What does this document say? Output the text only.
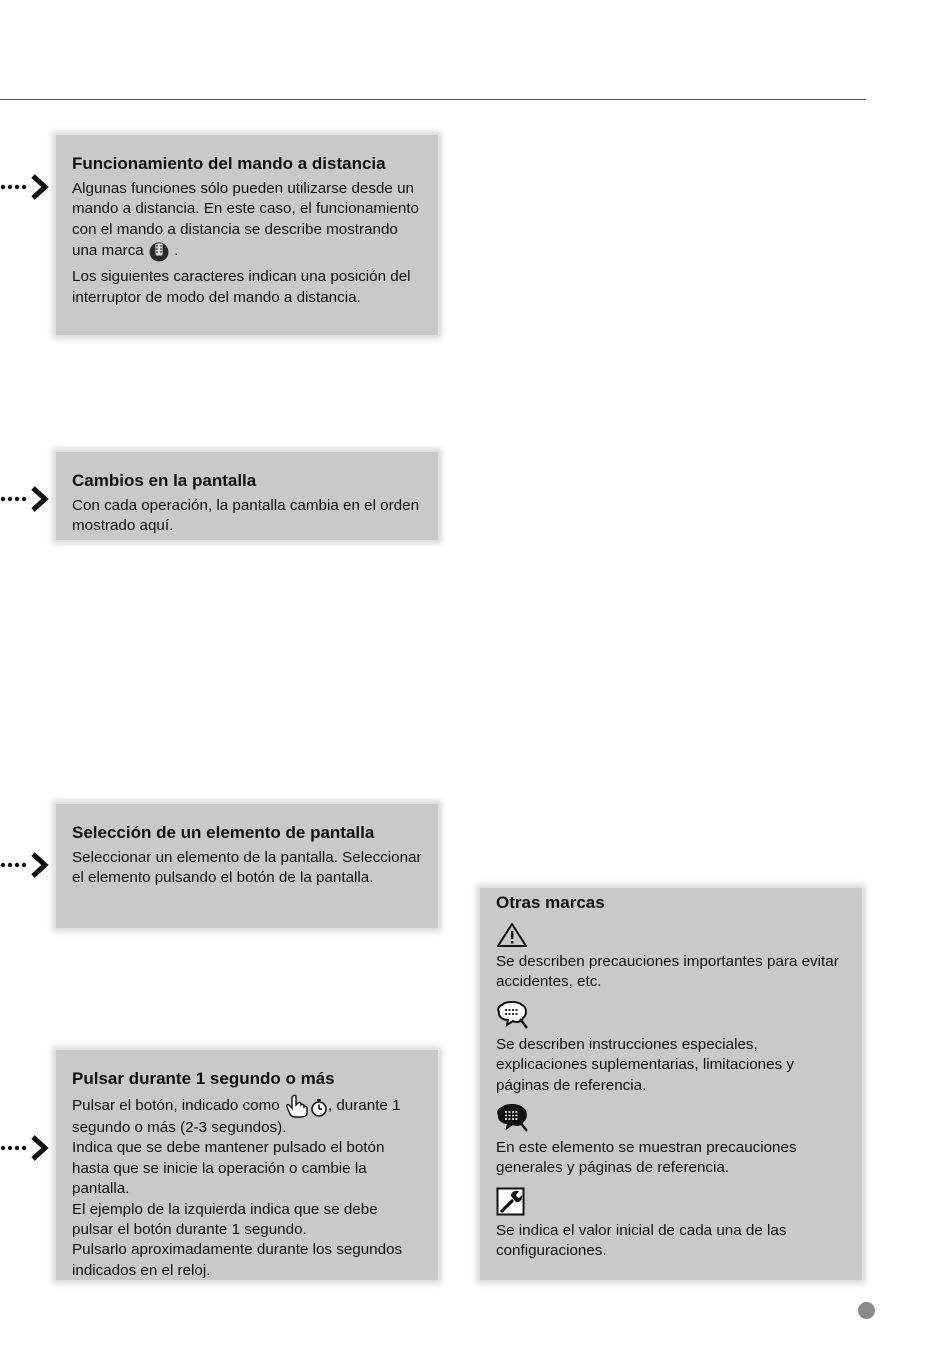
Funcionamiento del mando a distancia

Algunas funciones sólo pueden utilizarse desde un mando a distancia. En este caso, el funcionamiento con el mando a distancia se describe mostrando una marca  .

Los siguientes caracteres indican una posición del interruptor de modo del mando a distancia.

Cambios en la pantalla

Con cada operación, la pantalla cambia en el orden mostrado aquí.

Selección de un elemento de pantalla

Seleccionar un elemento de la pantalla. Seleccionar el elemento pulsando el botón de la pantalla.

Pulsar durante 1 segundo o más

Pulsar el botón, indicado como	, durante 1 segundo o más (2-3 segundos).
Indica que se debe mantener pulsado el botón hasta que se inicie la operación o cambie la pantalla.
El ejemplo de la izquierda indica que se debe pulsar el botón durante 1 segundo.
Pulsarlo aproximadamente durante los segundos indicados en el reloj.

Otras marcas

Se describen precauciones importantes para evitar accidentes, etc.

Se describen instrucciones especiales, explicaciones suplementarias, limitaciones y páginas de referencia.

En este elemento se muestran precauciones generales y páginas de referencia.

Se indica el valor inicial de cada una de las configuraciones.
